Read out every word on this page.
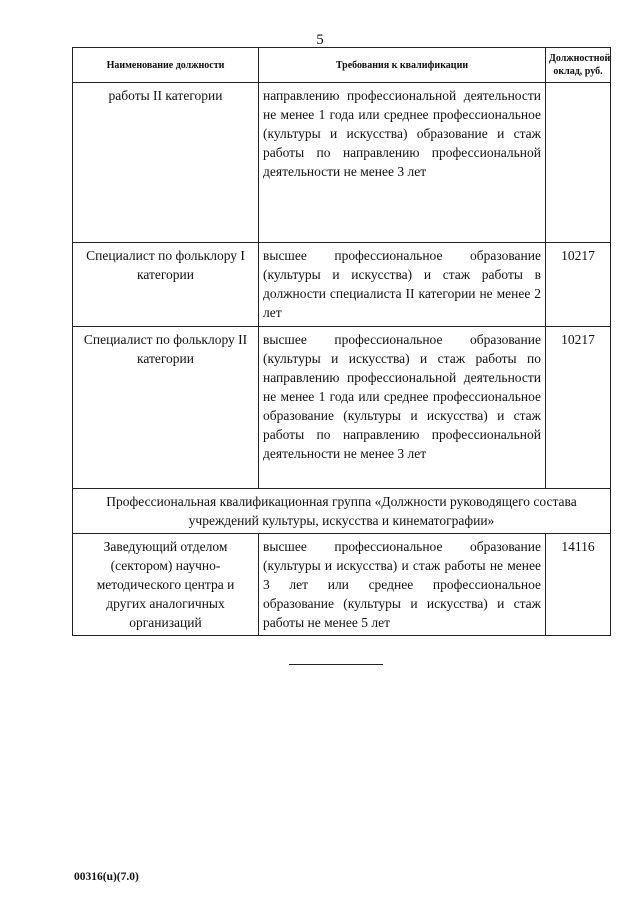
5
Наименование должности	Требования к квалификации	Должностной оклад, руб.
работы II категории	направлению профессиональной деятельности не менее 1 года или среднее профессиональное (культуры и искусства) образование и стаж работы по направлению профессиональной деятельности не менее 3 лет	
Специалист по фольклору I категории	высшее профессиональное образование (культуры и искусства) и стаж работы в должности специалиста II категории не менее 2 лет	10217
Специалист по фольклору II категории	высшее профессиональное образование (культуры и искусства) и стаж работы по направлению профессиональной деятельности не менее 1 года или среднее профессиональное образование (культуры и искусства) и стаж работы по направлению профессиональной деятельности не менее 3 лет	10217
Профессиональная квалификационная группа «Должности руководящего состава учреждений культуры, искусства и кинематографии»		
Заведующий отделом (сектором) научно-методического центра и других аналогичных организаций	высшее профессиональное образование (культуры и искусства) и стаж работы не менее 3 лет или среднее профессиональное образование (культуры и искусства) и стаж работы не менее 5 лет	14116
00316(u)(7.0)
